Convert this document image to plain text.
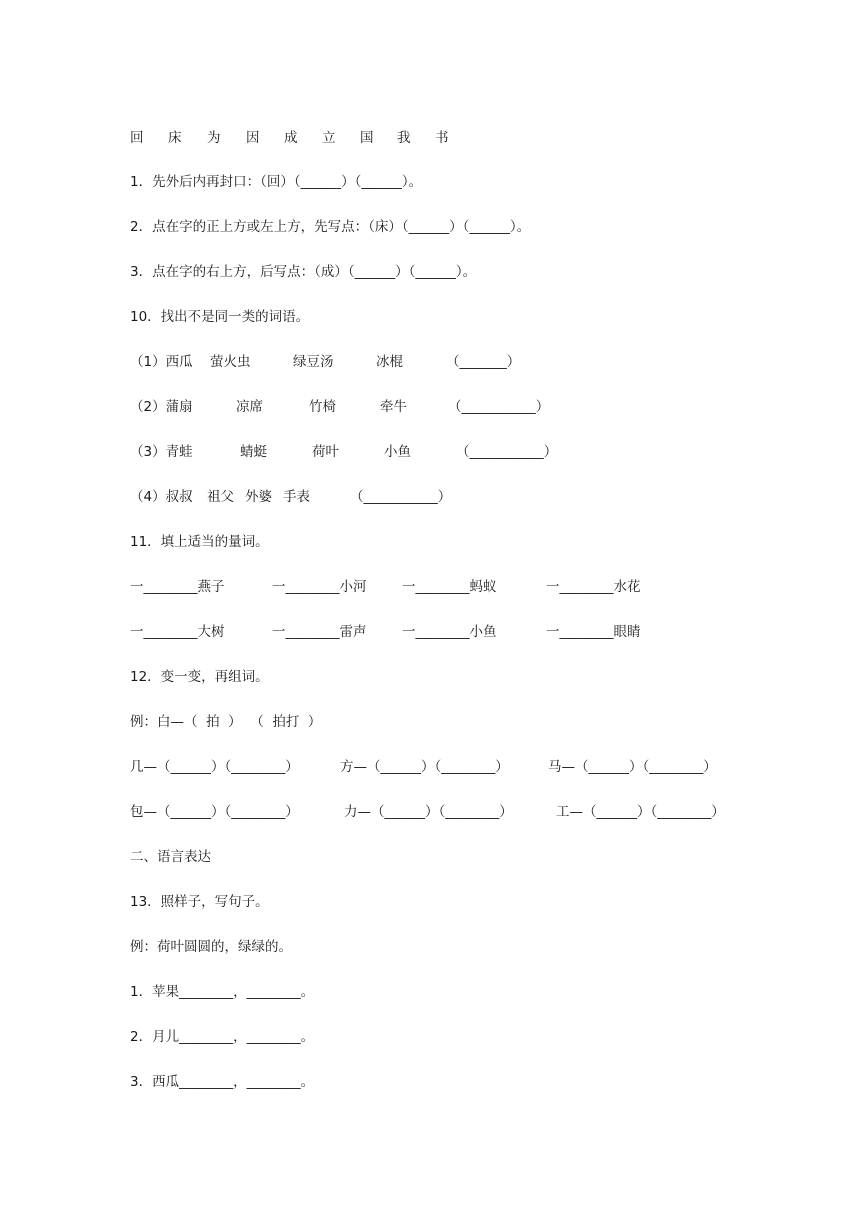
回 床 为 因 成 立 国 我 书
1．先外后内再封口：（回）（______）（______）。
2．点在字的正上方或左上方，先写点：（床）（______）（______）。
3．点在字的右上方，后写点：（成）（______）（______）。
10．找出不是同一类的词语。
（1）西瓜 萤火虫	绿豆汤	冰棍	（_______）
（2）蒲扇	凉席	竹椅	牵牛	（___________）
（3）青蛙	蜻蜓	荷叶	小鱼	（___________）
（4）叔叔 祖父 外婆 手表	（___________）
11．填上适当的量词。
一________燕子	一________小河	一________蚂蚁	一________水花
一________大树	一________雷声	一________小鱼	一________眼睛
12．变一变，再组词。
例：白—（  拍  ）  （  拍打  ）
几—（______）（________）	方—（______）（________）	马—（______）（________）
包—（______）（________）	力—（______）（________）	工—（______）（________）
二、语言表达
13．照样子，写句子。
例：荷叶圆圆的，绿绿的。
1．苹果________，________。
2．月儿________，________。
3．西瓜________，________。
